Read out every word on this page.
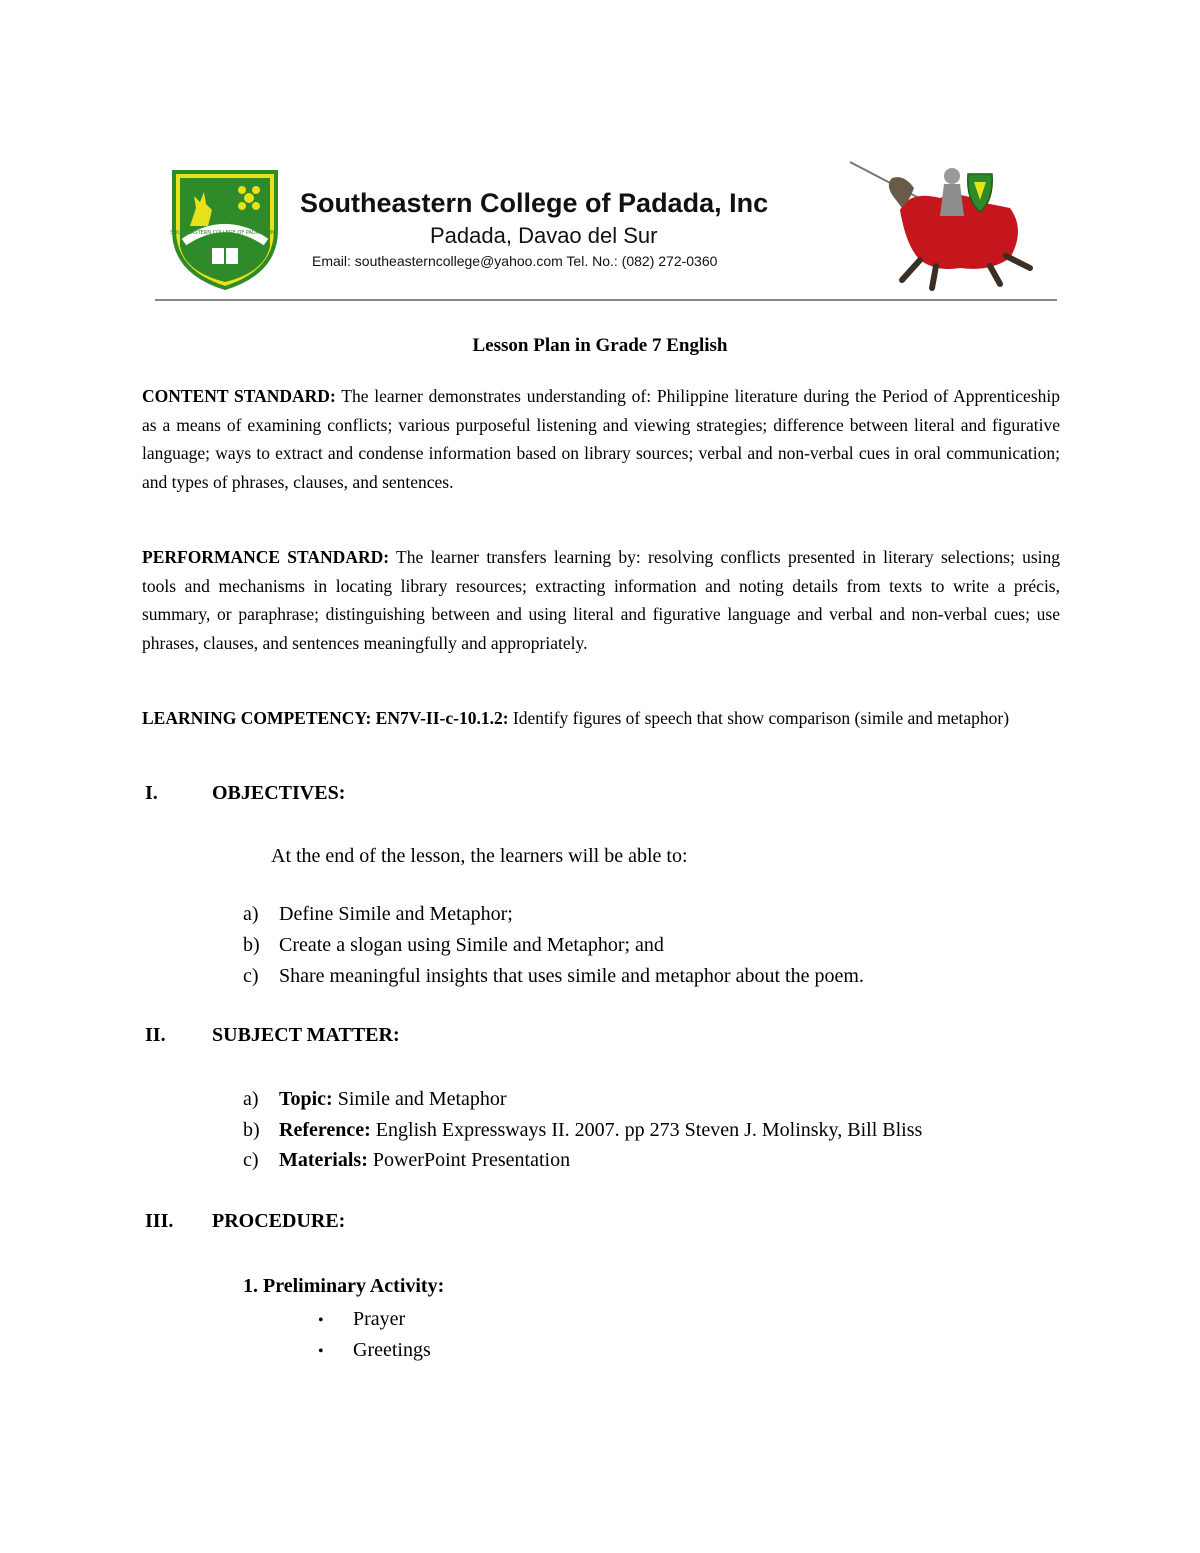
SOUTHEASTERN COLLEGE OF PADADA, INC.
Southeastern College of Padada, Inc
Padada, Davao del Sur
Email: southeasterncollege@yahoo.com Tel. No.: (082) 272-0360
Lesson Plan in Grade 7 English
CONTENT STANDARD: The learner demonstrates understanding of: Philippine literature during the Period of Apprenticeship as a means of examining conflicts; various purposeful listening and viewing strategies; difference between literal and figurative language; ways to extract and condense information based on library sources; verbal and non-verbal cues in oral communication; and types of phrases, clauses, and sentences.
PERFORMANCE STANDARD: The learner transfers learning by: resolving conflicts presented in literary selections; using tools and mechanisms in locating library resources; extracting information and noting details from texts to write a précis, summary, or paraphrase; distinguishing between and using literal and figurative language and verbal and non-verbal cues; use phrases, clauses, and sentences meaningfully and appropriately.
LEARNING COMPETENCY: EN7V-II-c-10.1.2: Identify figures of speech that show comparison (simile and metaphor)
I.	OBJECTIVES:
At the end of the lesson, the learners will be able to:
a) Define Simile and Metaphor;
b) Create a slogan using Simile and Metaphor; and
c) Share meaningful insights that uses simile and metaphor about the poem.
II. SUBJECT MATTER:
a) Topic: Simile and Metaphor
b) Reference: English Expressways II. 2007. pp 273 Steven J. Molinsky, Bill Bliss
c) Materials: PowerPoint Presentation
III. PROCEDURE:
1. Preliminary Activity:
• Prayer
• Greetings
